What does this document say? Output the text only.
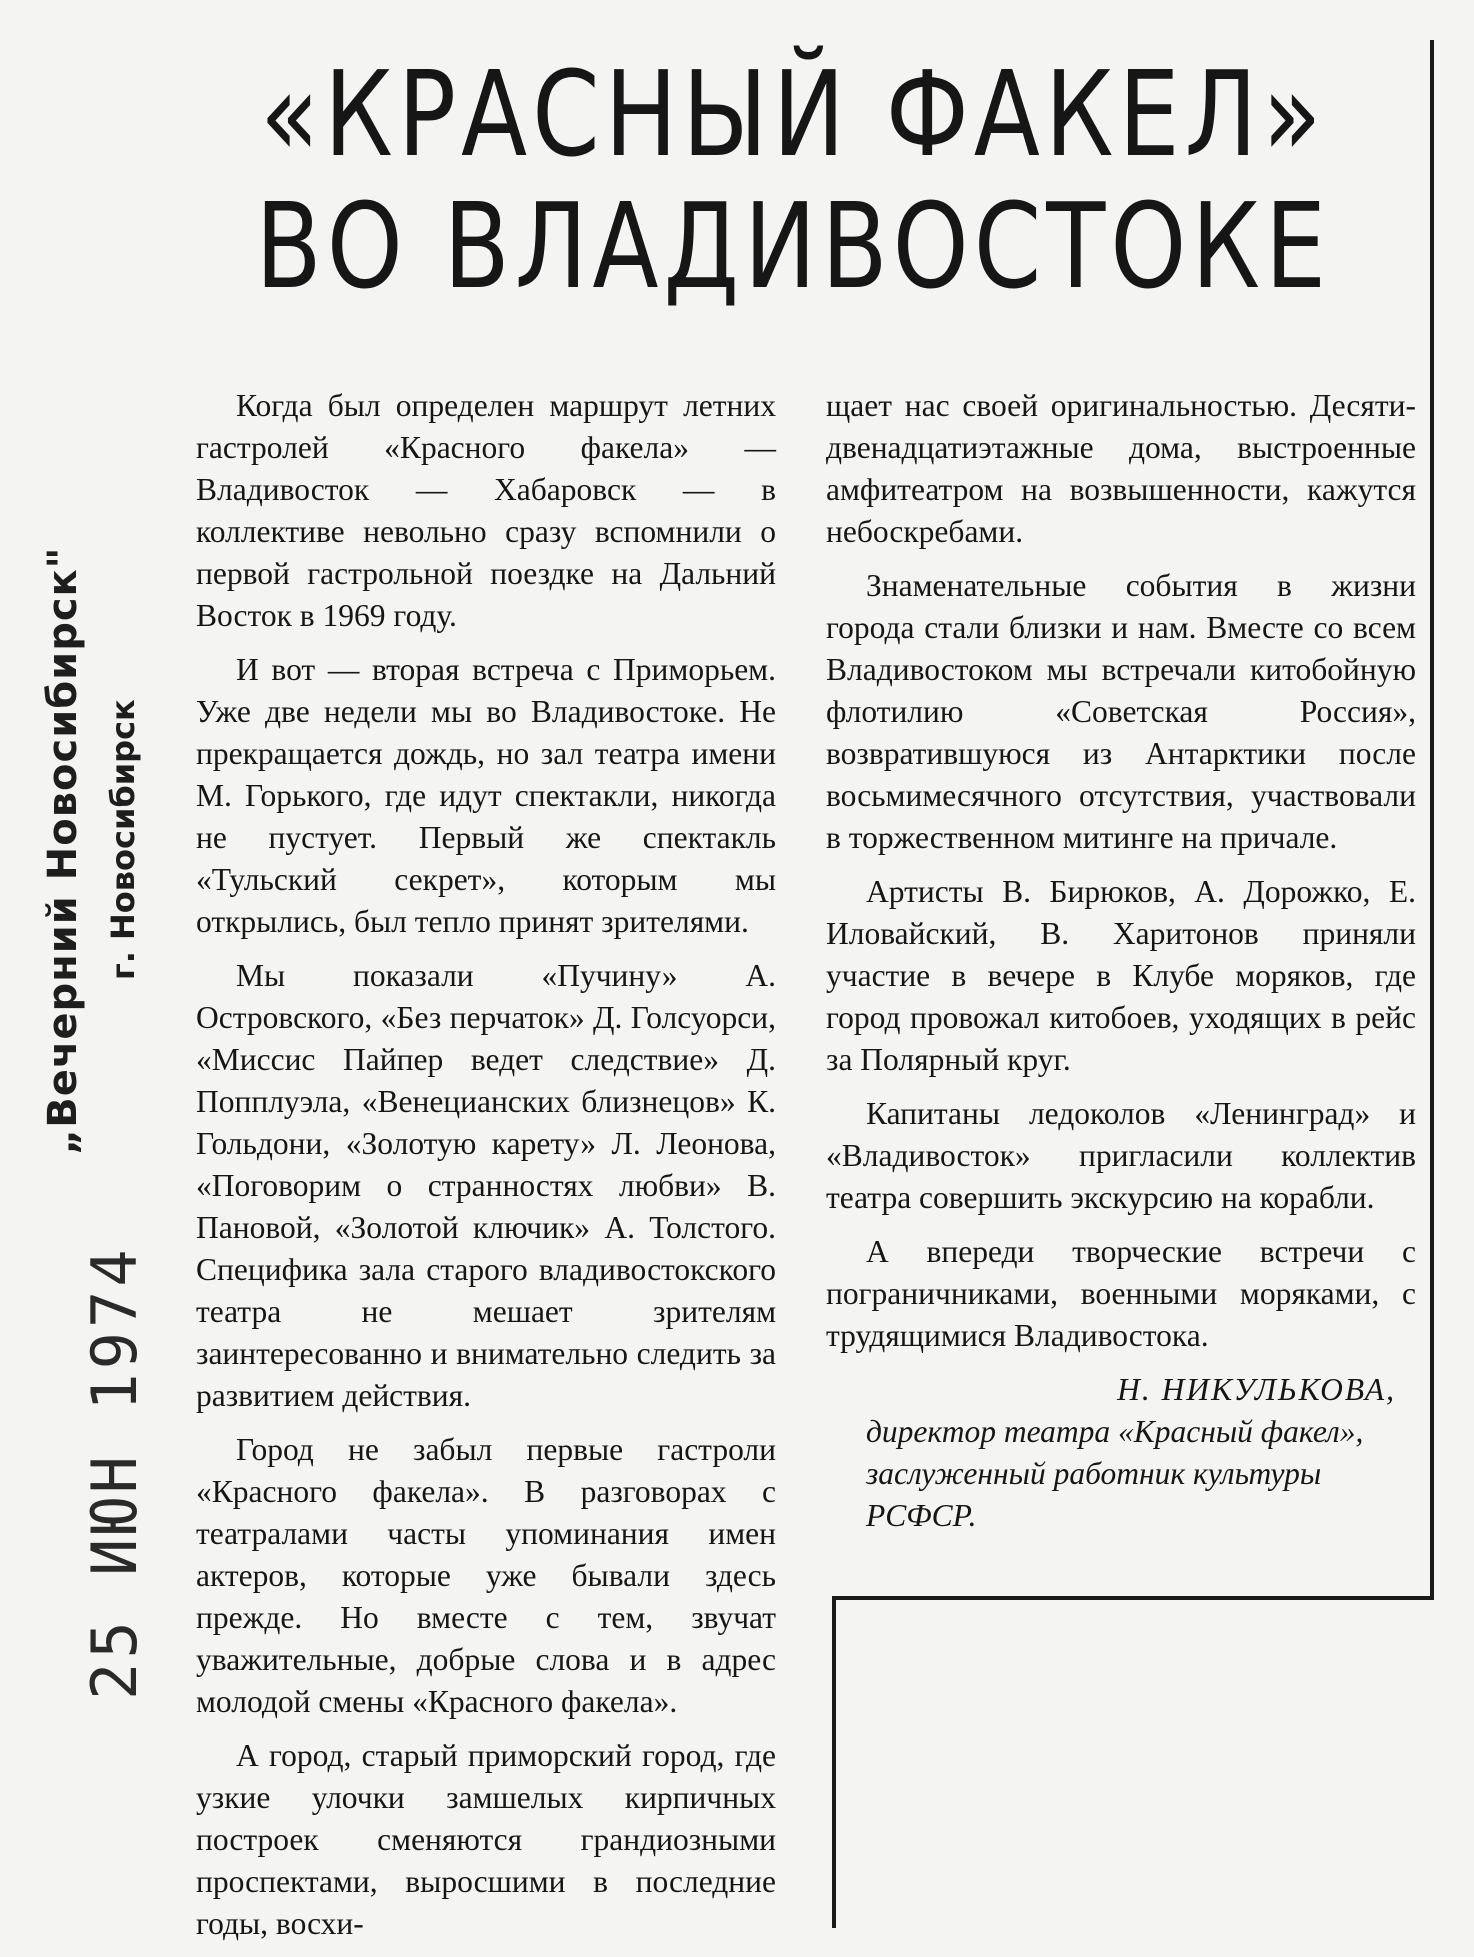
«КРАСНЫЙ ФАКЕЛ»
ВО ВЛАДИВОСТОКЕ
„Вечерний Новосибирск" г. Новосибирск
25 ИЮН 1974

Когда был определен маршрут летних гастролей «Красного факела» — Владивосток — Хабаровск — в коллективе невольно сразу вспомнили о первой гастрольной поездке на Дальний Восток в 1969 году.

И вот — вторая встреча с Приморьем. Уже две недели мы во Владивостоке. Не прекращается дождь, но зал театра имени М. Горького, где идут спектакли, никогда не пустует. Первый же спектакль «Тульский секрет», которым мы открылись, был тепло принят зрителями.

Мы показали «Пучину» А. Островского, «Без перчаток» Д. Голсуорси, «Миссис Пайпер ведет следствие» Д. Попплуэла, «Венецианских близнецов» К. Гольдони, «Золотую карету» Л. Леонова, «Поговорим о странностях любви» В. Пановой, «Золотой ключик» А. Толстого. Специфика зала старого владивостокского театра не мешает зрителям заинтересованно и внимательно следить за развитием действия.

Город не забыл первые гастроли «Красного факела». В разговорах с театралами часты упоминания имен актеров, которые уже бывали здесь прежде. Но вместе с тем, звучат уважительные, добрые слова и в адрес молодой смены «Красного факела».

А город, старый приморский город, где узкие улочки замшелых кирпичных построек сменяются грандиозными проспектами, выросшими в последние годы, восхи-

щает нас своей оригинальностью. Десяти-двенадцатиэтажные дома, выстроенные амфитеатром на возвышенности, кажутся небоскребами.

Знаменательные события в жизни города стали близки и нам. Вместе со всем Владивостоком мы встречали китобойную флотилию «Советская Россия», возвратившуюся из Антарктики после восьмимесячного отсутствия, участвовали в торжественном митинге на причале.

Артисты В. Бирюков, А. Дорожко, Е. Иловайский, В. Харитонов приняли участие в вечере в Клубе моряков, где город провожал китобоев, уходящих в рейс за Полярный круг.

Капитаны ледоколов «Ленинград» и «Владивосток» пригласили коллектив театра совершить экскурсию на корабли.

А впереди творческие встречи с пограничниками, военными моряками, с трудящимися Владивостока.

Н. НИКУЛЬКОВА,
директор театра «Красный факел», заслуженный работник культуры РСФСР.
